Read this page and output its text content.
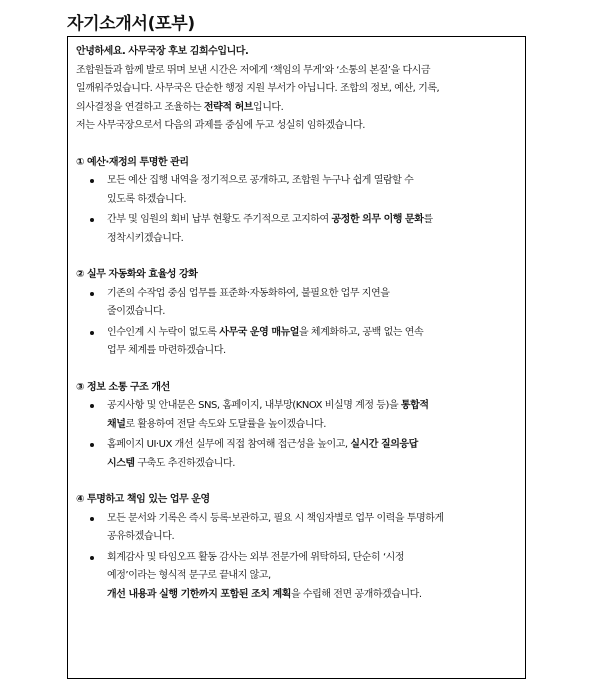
자기소개서(포부)

안녕하세요. 사무국장 후보 김희수입니다.

조합원들과 함께 발로 뛰며 보낸 시간은 저에게 ‘책임의 무게’와 ‘소통의 본질’을 다시금

일깨워주었습니다. 사무국은 단순한 행정 지원 부서가 아닙니다. 조합의 정보, 예산, 기록,

의사결정을 연결하고 조율하는 전략적 허브입니다.

저는 사무국장으로서 다음의 과제를 중심에 두고 성실히 임하겠습니다.

① 예산·재정의 투명한 관리

모든 예산 집행 내역을 정기적으로 공개하고, 조합원 누구나 쉽게 열람할 수
있도록 하겠습니다.
간부 및 임원의 회비 납부 현황도 주기적으로 고지하여 공정한 의무 이행 문화를
정착시키겠습니다.

② 실무 자동화와 효율성 강화

기존의 수작업 중심 업무를 표준화·자동화하여, 불필요한 업무 지연을
줄이겠습니다.
인수인계 시 누락이 없도록 사무국 운영 매뉴얼을 체계화하고, 공백 없는 연속
업무 체계를 마련하겠습니다.

③ 정보 소통 구조 개선

공지사항 및 안내문은 SNS, 홈페이지, 내부망(KNOX 비실명 계정 등)을 통합적
채널로 활용하여 전달 속도와 도달률을 높이겠습니다.
홈페이지 UI·UX 개선 실무에 직접 참여해 접근성을 높이고, 실시간 질의응답
시스템 구축도 추진하겠습니다.

④ 투명하고 책임 있는 업무 운영

모든 문서와 기록은 즉시 등록·보관하고, 필요 시 책임자별로 업무 이력을 투명하게
공유하겠습니다.
회계감사 및 타임오프 활동 감사는 외부 전문가에 위탁하되, 단순히 ‘시정
예정’이라는 형식적 문구로 끝내지 않고,
개선 내용과 실행 기한까지 포함된 조치 계획을 수립해 전면 공개하겠습니다.
